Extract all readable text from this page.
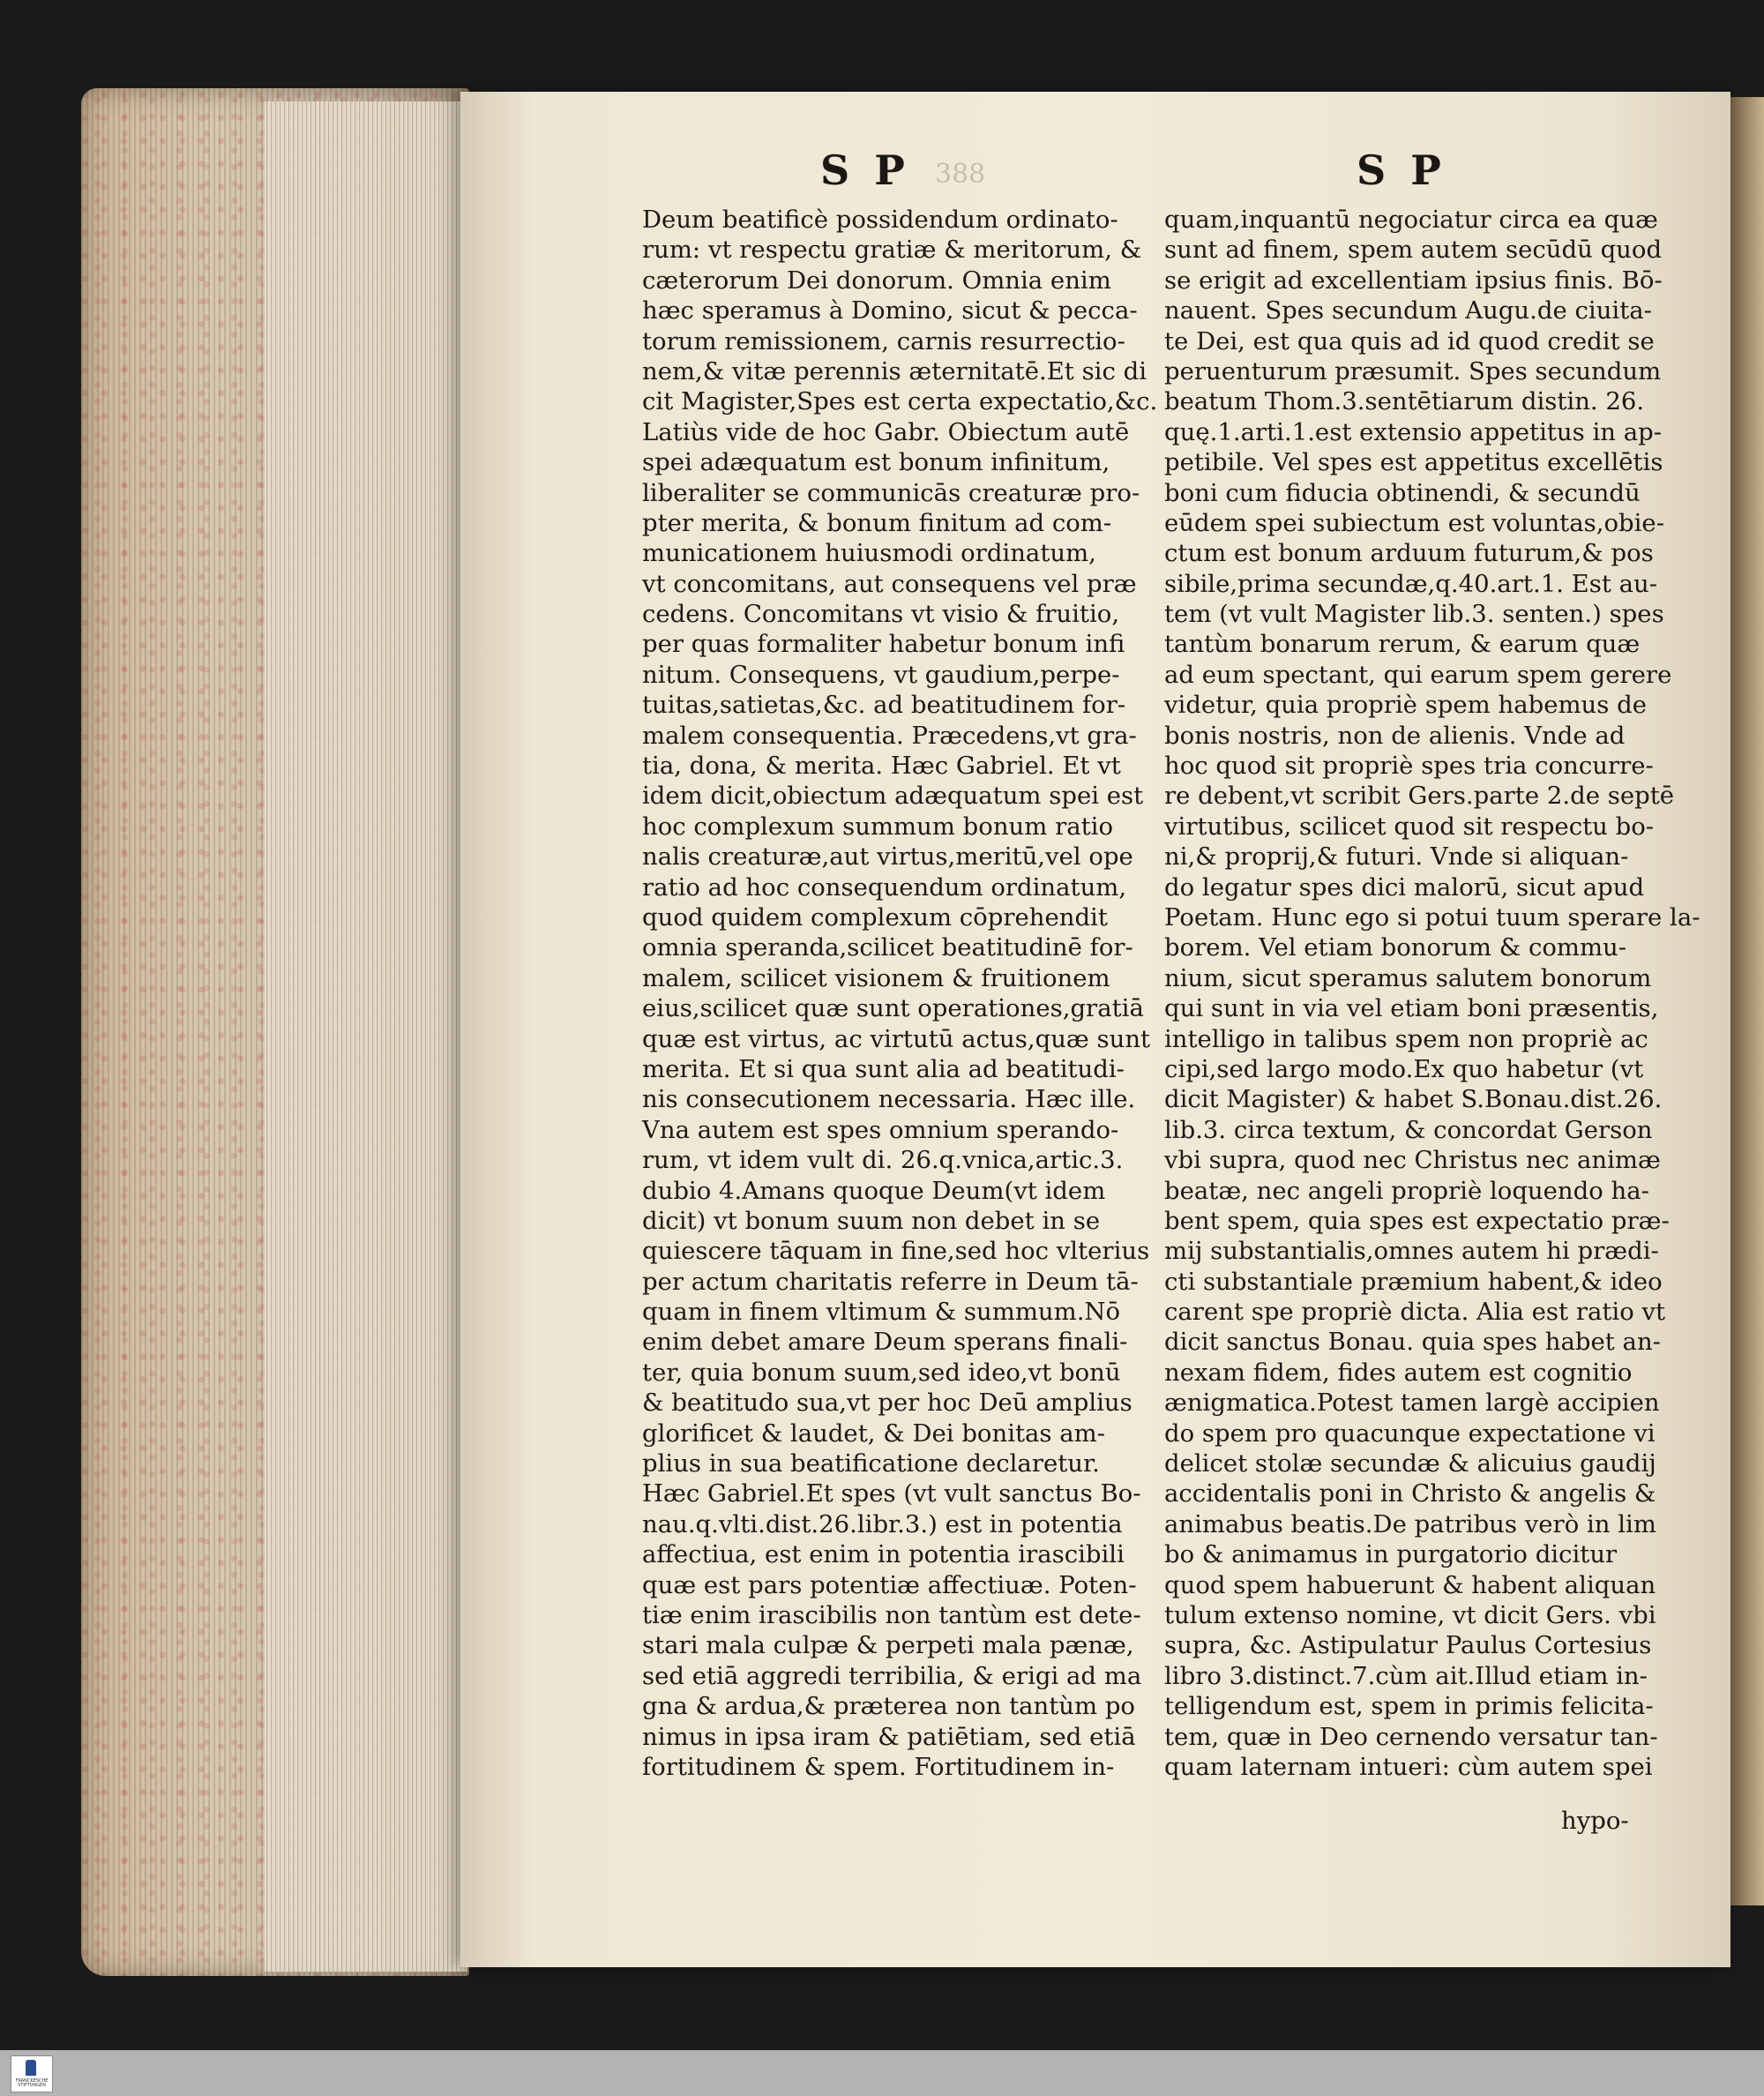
S P 388	S P
Deum beatificè possidendum ordinato-
rum: vt respectu gratiæ & meritorum, &
cæterorum Dei donorum. Omnia enim
hæc speramus à Domino, sicut & pecca-
torum remissionem, carnis resurrectio-
nem,& vitæ perennis æternitatē.Et sic di
cit Magister,Spes est certa expectatio,&c.
Latiùs vide de hoc Gabr. Obiectum autē
spei adæquatum est bonum infinitum,
liberaliter se communicās creaturæ pro-
pter merita, & bonum finitum ad com-
municationem huiusmodi ordinatum,
vt concomitans, aut consequens vel præ
cedens. Concomitans vt visio & fruitio,
per quas formaliter habetur bonum infi
nitum. Consequens, vt gaudium,perpe-
tuitas,satietas,&c. ad beatitudinem for-
malem consequentia. Præcedens,vt gra-
tia, dona, & merita. Hæc Gabriel. Et vt
idem dicit,obiectum adæquatum spei est
hoc complexum summum bonum ratio
nalis creaturæ,aut virtus,meritū,vel ope
ratio ad hoc consequendum ordinatum,
quod quidem complexum cōprehendit
omnia speranda,scilicet beatitudinē for-
malem, scilicet visionem & fruitionem
eius,scilicet quæ sunt operationes,gratiā
quæ est virtus, ac virtutū actus,quæ sunt
merita. Et si qua sunt alia ad beatitudi-
nis consecutionem necessaria. Hæc ille.
Vna autem est spes omnium sperando-
rum, vt idem vult di. 26.q.vnica,artic.3.
dubio 4.Amans quoque Deum(vt idem
dicit) vt bonum suum non debet in se
quiescere tāquam in fine,sed hoc vlterius
per actum charitatis referre in Deum tā-
quam in finem vltimum & summum.Nō
enim debet amare Deum sperans finali-
ter, quia bonum suum,sed ideo,vt bonū
& beatitudo sua,vt per hoc Deū amplius
glorificet & laudet, & Dei bonitas am-
plius in sua beatificatione declaretur.
Hæc Gabriel.Et spes (vt vult sanctus Bo-
nau.q.vlti.dist.26.libr.3.) est in potentia
affectiua, est enim in potentia irascibili
quæ est pars potentiæ affectiuæ. Poten-
tiæ enim irascibilis non tantùm est dete-
stari mala culpæ & perpeti mala pænæ,
sed etiā aggredi terribilia, & erigi ad ma
gna & ardua,& præterea non tantùm po
nimus in ipsa iram & patiētiam, sed etiā
fortitudinem & spem. Fortitudinem in-
quam,inquantū negociatur circa ea quæ
sunt ad finem, spem autem secūdū quod
se erigit ad excellentiam ipsius finis. Bō-
nauent. Spes secundum Augu.de ciuita-
te Dei, est qua quis ad id quod credit se
peruenturum præsumit. Spes secundum
beatum Thom.3.sentētiarum distin. 26.
quę.1.arti.1.est extensio appetitus in ap-
petibile. Vel spes est appetitus excellētis
boni cum fiducia obtinendi, & secundū
eūdem spei subiectum est voluntas,obie-
ctum est bonum arduum futurum,& pos
sibile,prima secundæ,q.40.art.1. Est au-
tem (vt vult Magister lib.3. senten.) spes
tantùm bonarum rerum, & earum quæ
ad eum spectant, qui earum spem gerere
videtur, quia propriè spem habemus de
bonis nostris, non de alienis. Vnde ad
hoc quod sit propriè spes tria concurre-
re debent,vt scribit Gers.parte 2.de septē
virtutibus, scilicet quod sit respectu bo-
ni,& proprij,& futuri. Vnde si aliquan-
do legatur spes dici malorū, sicut apud
Poetam. Hunc ego si potui tuum sperare la-
borem. Vel etiam bonorum & commu-
nium, sicut speramus salutem bonorum
qui sunt in via vel etiam boni præsentis,
intelligo in talibus spem non propriè ac
cipi,sed largo modo.Ex quo habetur (vt
dicit Magister) & habet S.Bonau.dist.26.
lib.3. circa textum, & concordat Gerson
vbi supra, quod nec Christus nec animæ
beatæ, nec angeli propriè loquendo ha-
bent spem, quia spes est expectatio præ-
mij substantialis,omnes autem hi prædi-
cti substantiale præmium habent,& ideo
carent spe propriè dicta. Alia est ratio vt
dicit sanctus Bonau. quia spes habet an-
nexam fidem, fides autem est cognitio
ænigmatica.Potest tamen largè accipien
do spem pro quacunque expectatione vi
delicet stolæ secundæ & alicuius gaudij
accidentalis poni in Christo & angelis &
animabus beatis.De patribus verò in lim
bo & animamus in purgatorio dicitur
quod spem habuerunt & habent aliquan
tulum extenso nomine, vt dicit Gers. vbi
supra, &c. Astipulatur Paulus Cortesius
libro 3.distinct.7.cùm ait.Illud etiam in-
telligendum est, spem in primis felicita-
tem, quæ in Deo cernendo versatur tan-
quam laternam intueri: cùm autem spei
hypo-
FRANCKESCHE STIFTUNGEN
